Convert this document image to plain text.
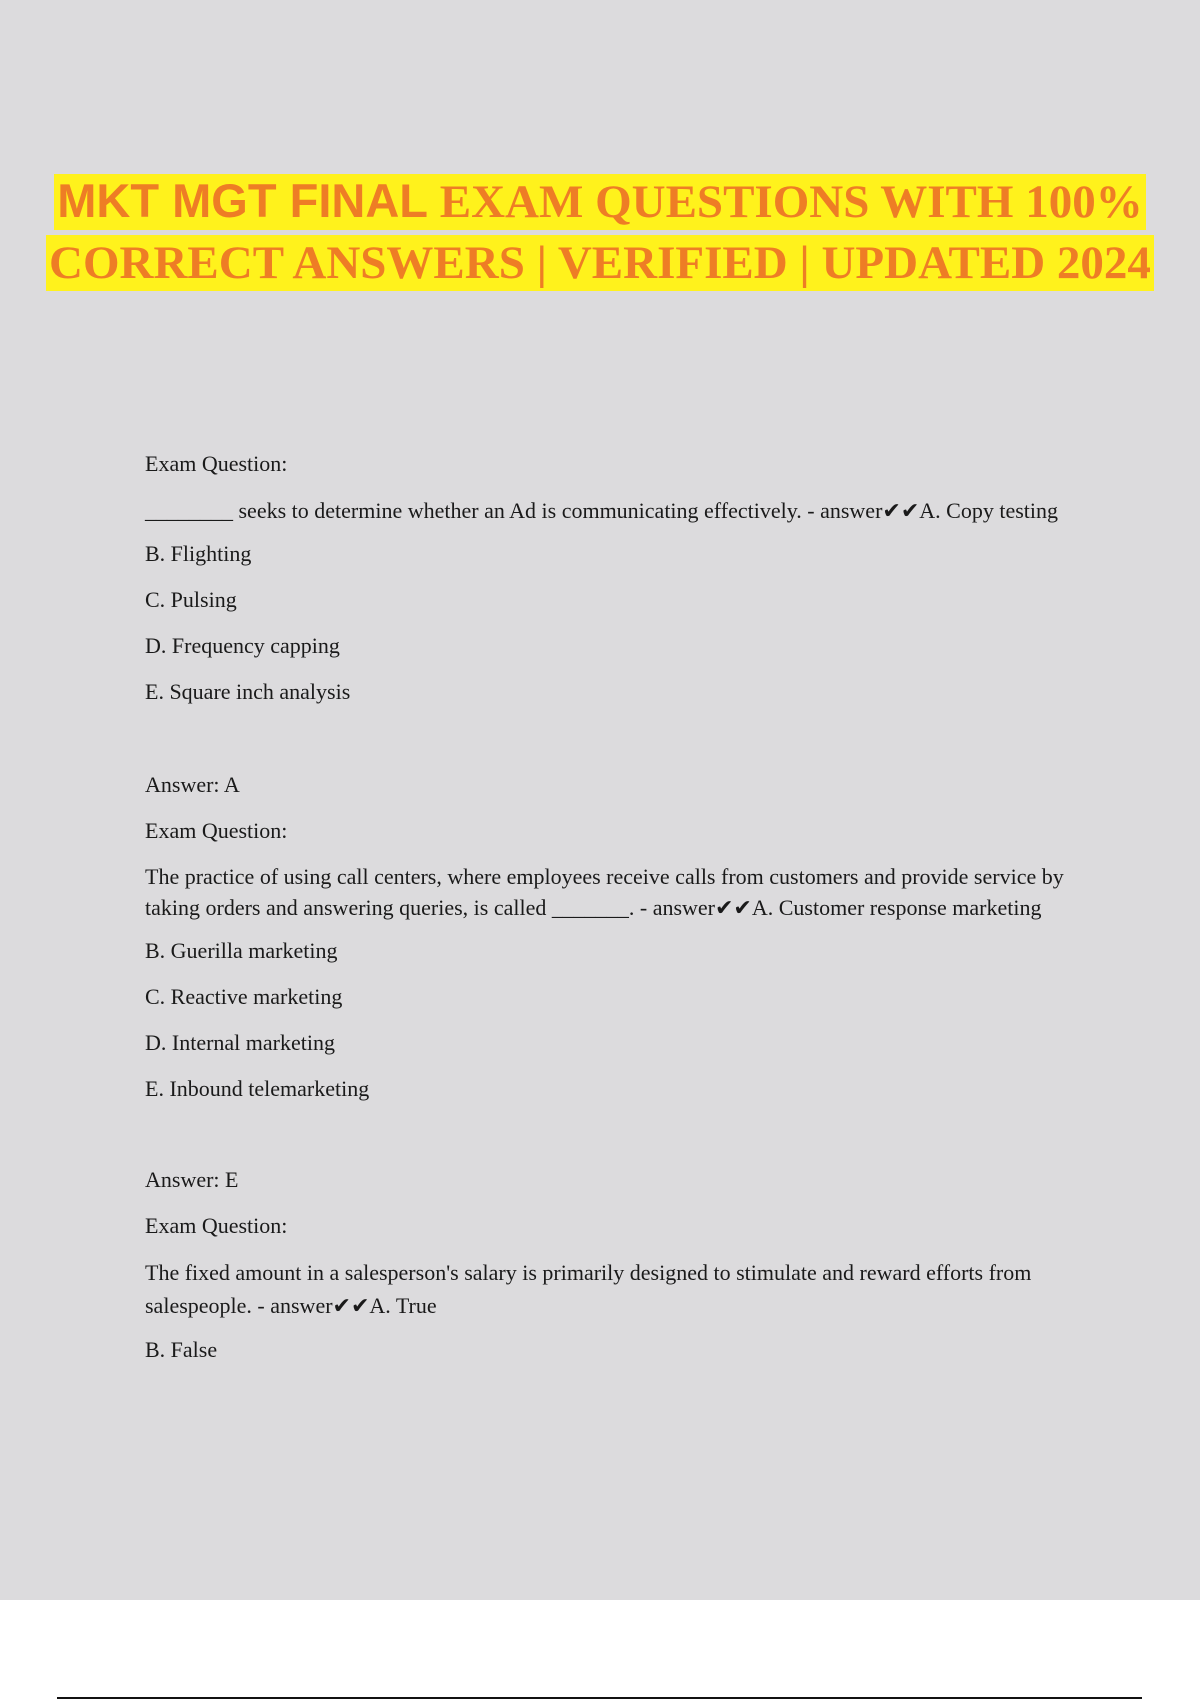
MKT MGT FINAL EXAM QUESTIONS WITH 100% CORRECT ANSWERS | VERIFIED | UPDATED 2024

Exam Question:

________ seeks to determine whether an Ad is communicating effectively. - answer✔✔A. Copy testing

B. Flighting

C. Pulsing

D. Frequency capping

E. Square inch analysis

Answer: A

Exam Question:

The practice of using call centers, where employees receive calls from customers and provide service by taking orders and answering queries, is called _______. - answer✔✔A. Customer response marketing

B. Guerilla marketing

C. Reactive marketing

D. Internal marketing

E. Inbound telemarketing

Answer: E

Exam Question:

The fixed amount in a salesperson's salary is primarily designed to stimulate and reward efforts from salespeople. - answer✔✔A. True

B. False
